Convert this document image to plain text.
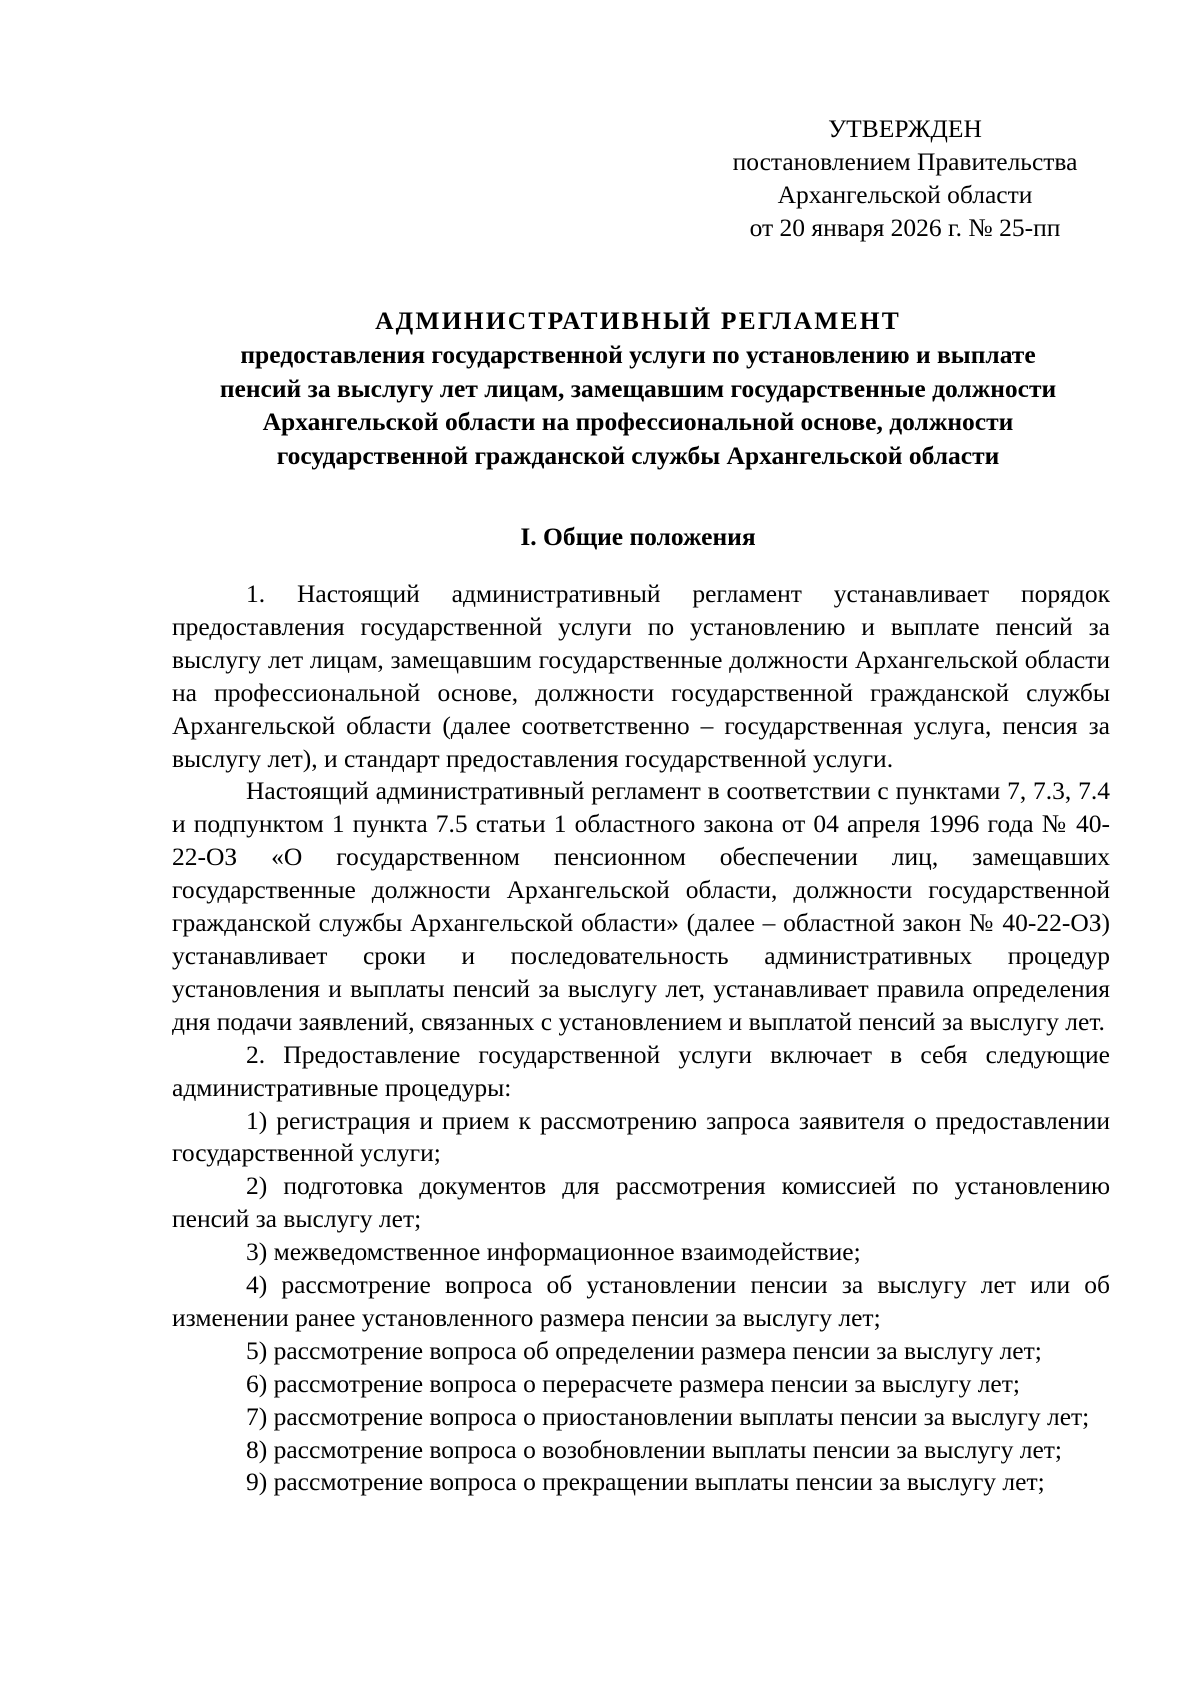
УТВЕРЖДЕН
постановлением Правительства
Архангельской области
от 20 января 2026 г. № 25-пп
АДМИНИСТРАТИВНЫЙ РЕГЛАМЕНТ
предоставления государственной услуги по установлению и выплате
пенсий за выслугу лет лицам, замещавшим государственные должности
Архангельской области на профессиональной основе, должности
государственной гражданской службы Архангельской области
I. Общие положения

1. Настоящий административный регламент устанавливает порядок предоставления государственной услуги по установлению и выплате пенсий за выслугу лет лицам, замещавшим государственные должности Архангельской области на профессиональной основе, должности государственной гражданской службы Архангельской области (далее соответственно – государственная услуга, пенсия за выслугу лет), и стандарт предоставления государственной услуги.

Настоящий административный регламент в соответствии с пунктами 7, 7.3, 7.4 и подпунктом 1 пункта 7.5 статьи 1 областного закона от 04 апреля 1996 года № 40-22-ОЗ «О государственном пенсионном обеспечении лиц, замещавших государственные должности Архангельской области, должности государственной гражданской службы Архангельской области» (далее – областной закон № 40-22-ОЗ) устанавливает сроки и последовательность административных процедур установления и выплаты пенсий за выслугу лет, устанавливает правила определения дня подачи заявлений, связанных с установлением и выплатой пенсий за выслугу лет.

2. Предоставление государственной услуги включает в себя следующие административные процедуры:

1) регистрация и прием к рассмотрению запроса заявителя о предоставлении государственной услуги;

2) подготовка документов для рассмотрения комиссией по установлению пенсий за выслугу лет;

3) межведомственное информационное взаимодействие;

4) рассмотрение вопроса об установлении пенсии за выслугу лет или об изменении ранее установленного размера пенсии за выслугу лет;

5) рассмотрение вопроса об определении размера пенсии за выслугу лет;

6) рассмотрение вопроса о перерасчете размера пенсии за выслугу лет;

7) рассмотрение вопроса о приостановлении выплаты пенсии за выслугу лет;

8) рассмотрение вопроса о возобновлении выплаты пенсии за выслугу лет;

9) рассмотрение вопроса о прекращении выплаты пенсии за выслугу лет;
